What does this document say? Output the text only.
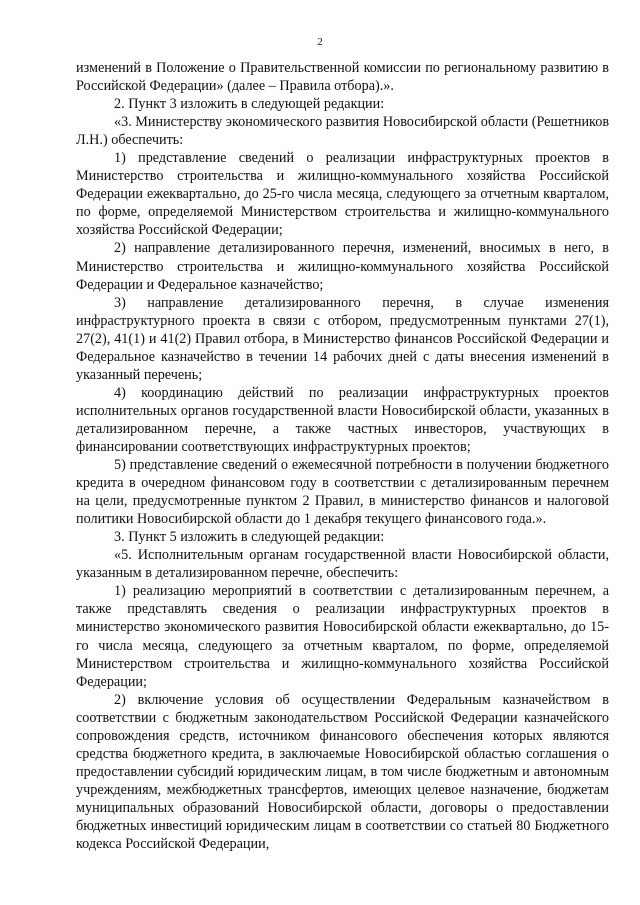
2

изменений в Положение о Правительственной комиссии по региональному развитию в Российской Федерации» (далее – Правила отбора).».

2. Пункт 3 изложить в следующей редакции:

«3. Министерству экономического развития Новосибирской области (Решетников Л.Н.) обеспечить:

1) представление сведений о реализации инфраструктурных проектов в Министерство строительства и жилищно-коммунального хозяйства Российской Федерации ежеквартально, до 25-го числа месяца, следующего за отчетным кварталом, по форме, определяемой Министерством строительства и жилищно-коммунального хозяйства Российской Федерации;

2) направление детализированного перечня, изменений, вносимых в него, в Министерство строительства и жилищно-коммунального хозяйства Российской Федерации и Федеральное казначейство;

3) направление детализированного перечня, в случае изменения инфраструктурного проекта в связи с отбором, предусмотренным пунктами 27(1), 27(2), 41(1) и 41(2) Правил отбора, в Министерство финансов Российской Федерации и Федеральное казначейство в течении 14 рабочих дней с даты внесения изменений в указанный перечень;

4) координацию действий по реализации инфраструктурных проектов исполнительных органов государственной власти Новосибирской области, указанных в детализированном перечне, а также частных инвесторов, участвующих в финансировании соответствующих инфраструктурных проектов;

5) представление сведений о ежемесячной потребности в получении бюджетного кредита в очередном финансовом году в соответствии с детализированным перечнем на цели, предусмотренные пунктом 2 Правил, в министерство финансов и налоговой политики Новосибирской области до 1 декабря текущего финансового года.».

3. Пункт 5 изложить в следующей редакции:

«5. Исполнительным органам государственной власти Новосибирской области, указанным в детализированном перечне, обеспечить:

1) реализацию мероприятий в соответствии с детализированным перечнем, а также представлять сведения о реализации инфраструктурных проектов в министерство экономического развития Новосибирской области ежеквартально, до 15-го числа месяца, следующего за отчетным кварталом, по форме, определяемой Министерством строительства и жилищно-коммунального хозяйства Российской Федерации;

2) включение условия об осуществлении Федеральным казначейством в соответствии с бюджетным законодательством Российской Федерации казначейского сопровождения средств, источником финансового обеспечения которых являются средства бюджетного кредита, в заключаемые Новосибирской областью соглашения о предоставлении субсидий юридическим лицам, в том числе бюджетным и автономным учреждениям, межбюджетных трансфертов, имеющих целевое назначение, бюджетам муниципальных образований Новосибирской области, договоры о предоставлении бюджетных инвестиций юридическим лицам в соответствии со статьей 80 Бюджетного кодекса Российской Федерации,
